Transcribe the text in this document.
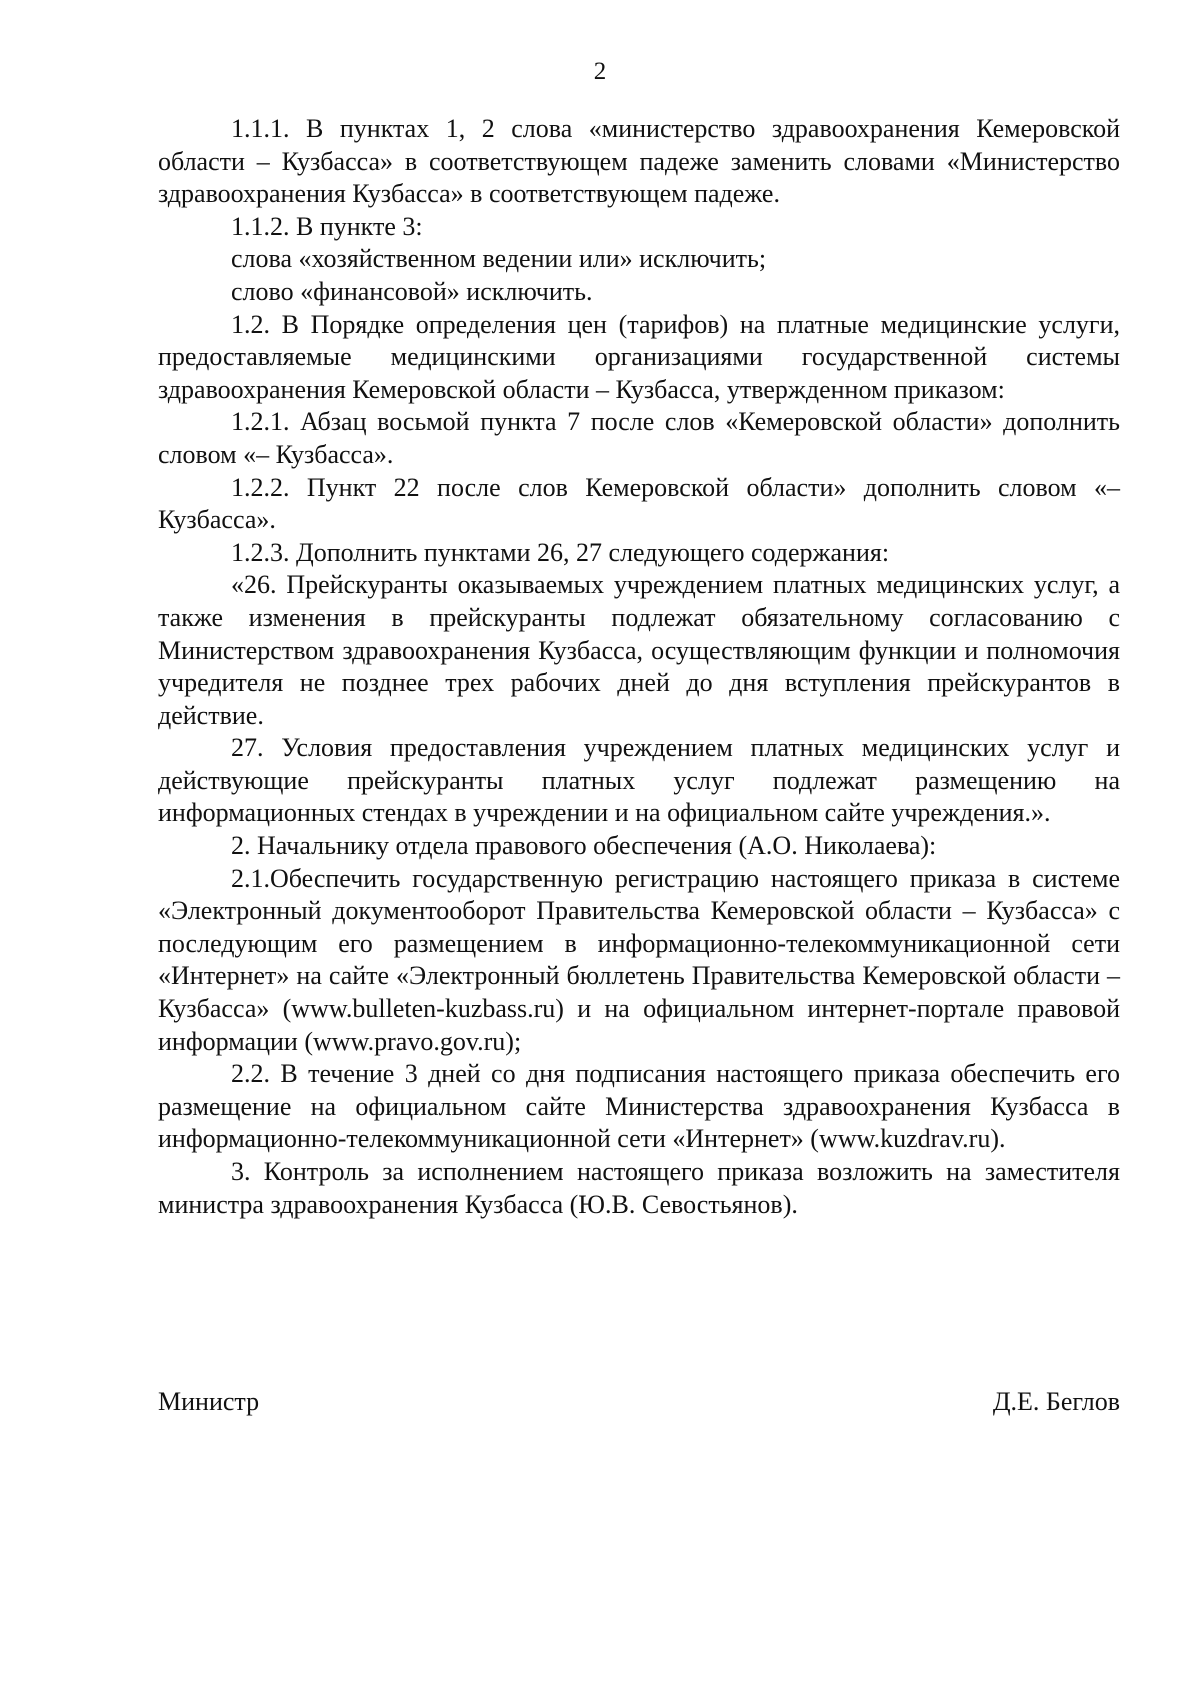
2

1.1.1. В пунктах 1, 2 слова «министерство здравоохранения Кемеровской области – Кузбасса» в соответствующем падеже заменить словами «Министерство здравоохранения Кузбасса» в соответствующем падеже.

1.1.2. В пункте 3:

слова «хозяйственном ведении или» исключить;

слово «финансовой» исключить.

1.2. В Порядке определения цен (тарифов) на платные медицинские услуги, предоставляемые медицинскими организациями государственной системы здравоохранения Кемеровской области – Кузбасса, утвержденном приказом:

1.2.1. Абзац восьмой пункта 7 после слов «Кемеровской области» дополнить словом «– Кузбасса».

1.2.2. Пункт 22 после слов Кемеровской области» дополнить словом «– Кузбасса».

1.2.3. Дополнить пунктами 26, 27 следующего содержания:

«26. Прейскуранты оказываемых учреждением платных медицинских услуг, а также изменения в прейскуранты подлежат обязательному согласованию с Министерством здравоохранения Кузбасса, осуществляющим функции и полномочия учредителя не позднее трех рабочих дней до дня вступления прейскурантов в действие.

27. Условия предоставления учреждением платных медицинских услуг и действующие прейскуранты платных услуг подлежат размещению на информационных стендах в учреждении и на официальном сайте учреждения.».

2. Начальнику отдела правового обеспечения (А.О. Николаева):

2.1.Обеспечить государственную регистрацию настоящего приказа в системе «Электронный документооборот Правительства Кемеровской области – Кузбасса» с последующим его размещением в информационно-телекоммуникационной сети «Интернет» на сайте «Электронный бюллетень Правительства Кемеровской области – Кузбасса» (www.bulleten-kuzbass.ru) и на официальном интернет-портале правовой информации (www.pravo.gov.ru);

2.2. В течение 3 дней со дня подписания настоящего приказа обеспечить его размещение на официальном сайте Министерства здравоохранения Кузбасса в информационно-телекоммуникационной сети «Интернет» (www.kuzdrav.ru).

3. Контроль за исполнением настоящего приказа возложить на заместителя министра здравоохранения Кузбасса (Ю.В. Севостьянов).

Министр	Д.Е. Беглов
